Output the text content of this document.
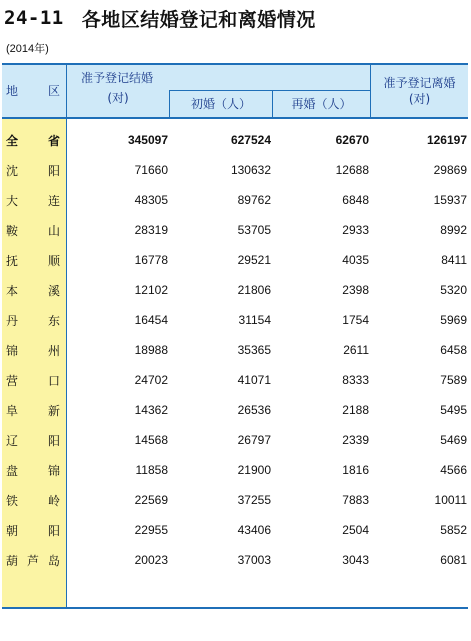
24-11 各地区结婚登记和离婚情况
(2014年)
地 区
准予登记结婚
(对)	初婚（人）	再婚（人）
准予登记离婚
(对)
全 省	345097	627524	62670	126197
沈 阳	71660	130632	12688	29869
大 连	48305	89762	6848	15937
鞍 山	28319	53705	2933	8992
抚 顺	16778	29521	4035	8411
本 溪	12102	21806	2398	5320
丹 东	16454	31154	1754	5969
锦 州	18988	35365	2611	6458
营 口	24702	41071	8333	7589
阜 新	14362	26536	2188	5495
辽 阳	14568	26797	2339	5469
盘 锦	11858	21900	1816	4566
铁 岭	22569	37255	7883	10011
朝 阳	22955	43406	2504	5852
葫 芦 岛	20023	37003	3043	6081
